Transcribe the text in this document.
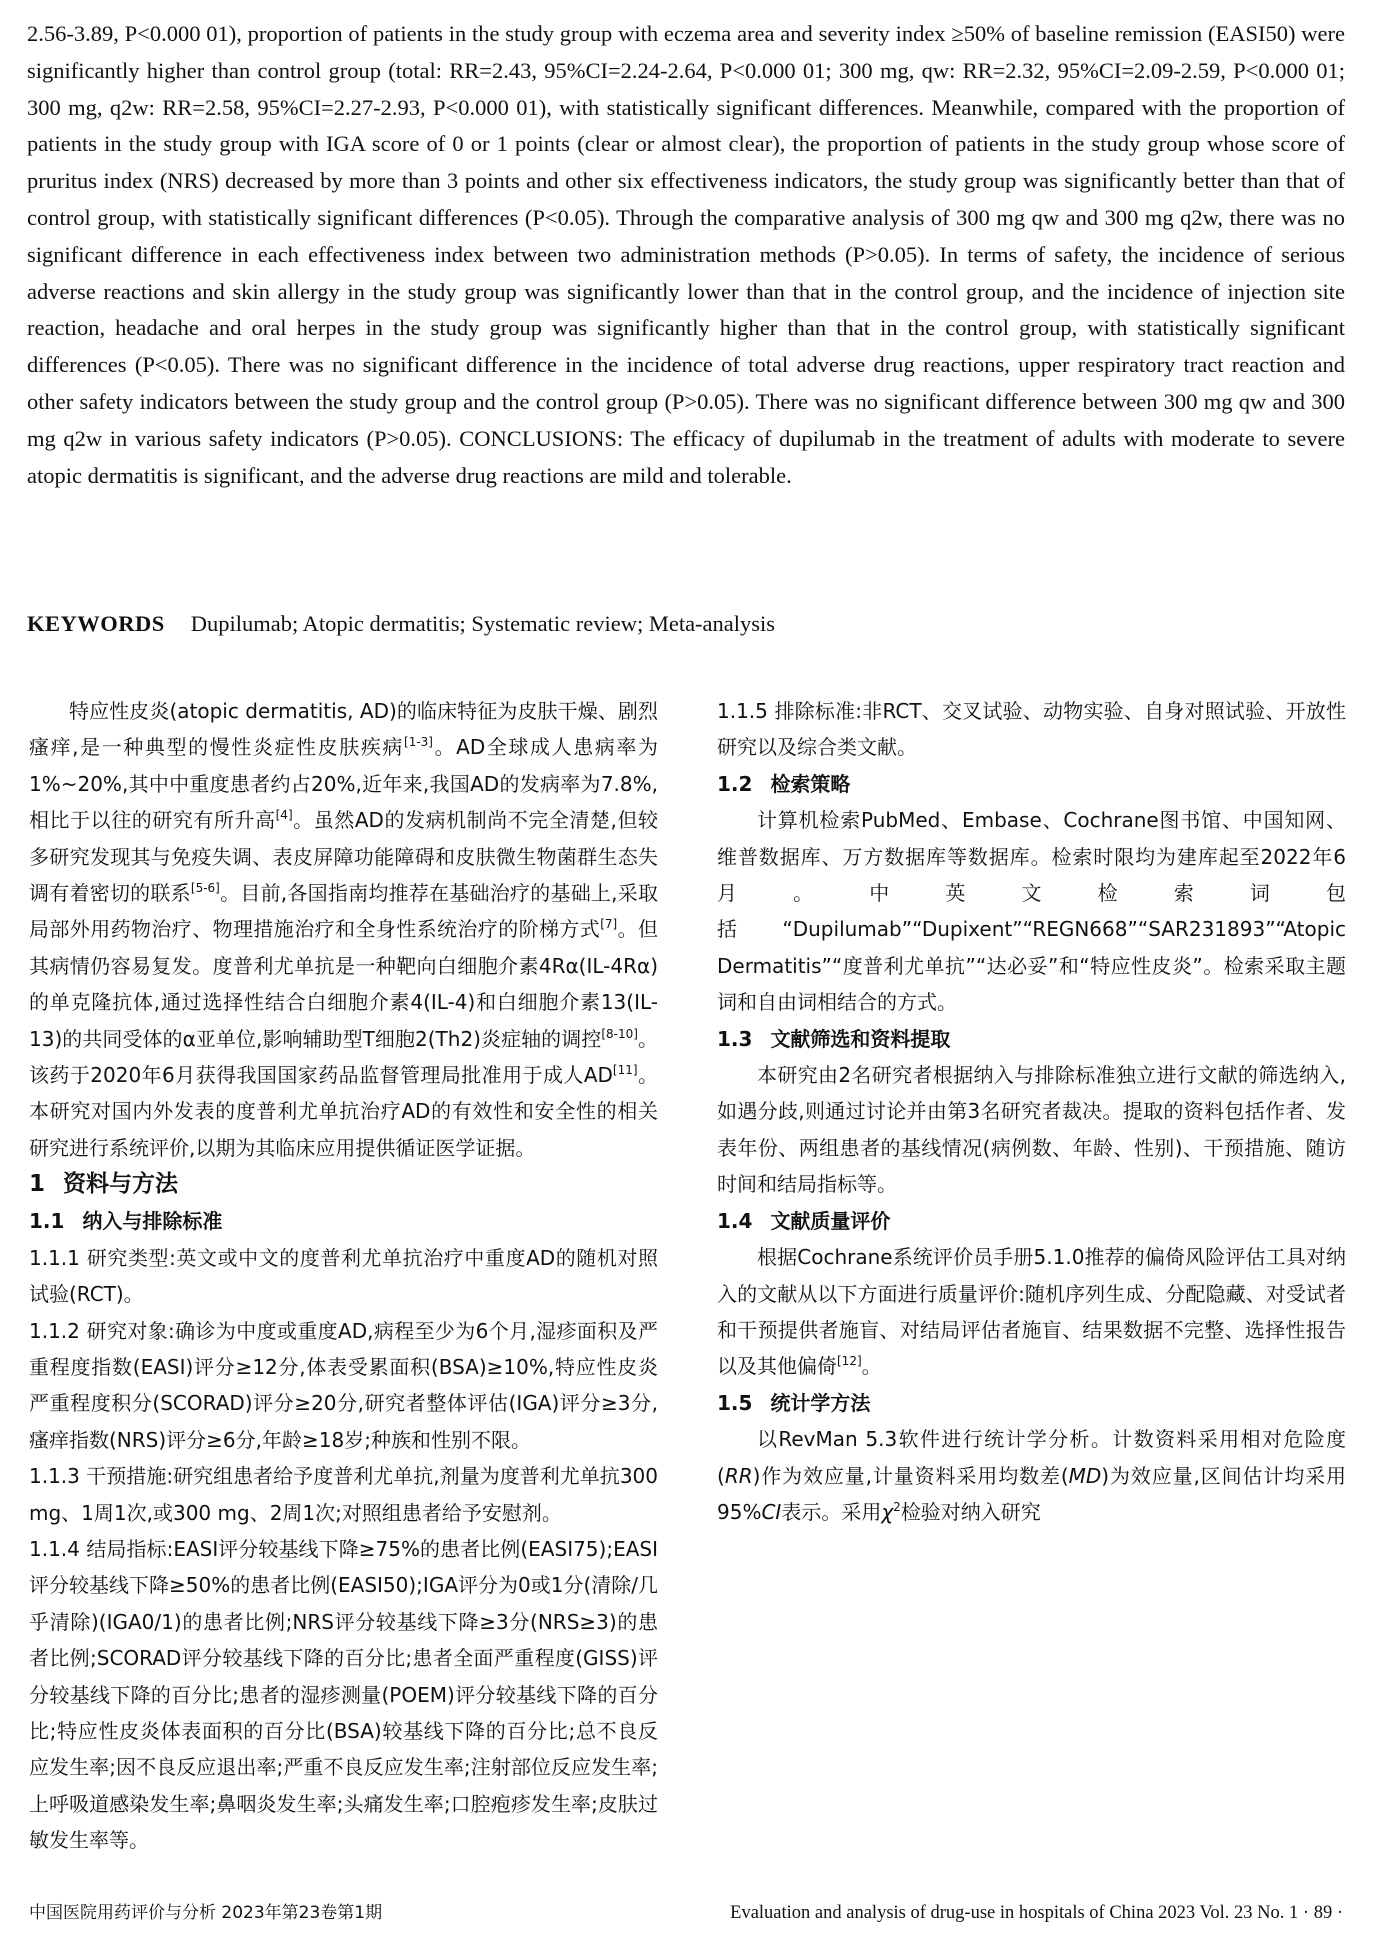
2.56-3.89, P<0.000 01), proportion of patients in the study group with eczema area and severity index ≥50% of baseline remission (EASI50) were significantly higher than control group (total: RR=2.43, 95%CI=2.24-2.64, P<0.000 01; 300 mg, qw: RR=2.32, 95%CI=2.09-2.59, P<0.000 01; 300 mg, q2w: RR=2.58, 95%CI=2.27-2.93, P<0.000 01), with statistically significant differences. Meanwhile, compared with the proportion of patients in the study group with IGA score of 0 or 1 points (clear or almost clear), the proportion of patients in the study group whose score of pruritus index (NRS) decreased by more than 3 points and other six effectiveness indicators, the study group was significantly better than that of control group, with statistically significant differences (P<0.05). Through the comparative analysis of 300 mg qw and 300 mg q2w, there was no significant difference in each effectiveness index between two administration methods (P>0.05). In terms of safety, the incidence of serious adverse reactions and skin allergy in the study group was significantly lower than that in the control group, and the incidence of injection site reaction, headache and oral herpes in the study group was significantly higher than that in the control group, with statistically significant differences (P<0.05). There was no significant difference in the incidence of total adverse drug reactions, upper respiratory tract reaction and other safety indicators between the study group and the control group (P>0.05). There was no significant difference between 300 mg qw and 300 mg q2w in various safety indicators (P>0.05). CONCLUSIONS: The efficacy of dupilumab in the treatment of adults with moderate to severe atopic dermatitis is significant, and the adverse drug reactions are mild and tolerable.

KEYWORDS Dupilumab; Atopic dermatitis; Systematic review; Meta-analysis

特应性皮炎(atopic dermatitis, AD)的临床特征为皮肤干燥、剧烈瘙痒,是一种典型的慢性炎症性皮肤疾病[1-3]。AD全球成人患病率为1%~20%,其中中重度患者约占20%,近年来,我国AD的发病率为7.8%,相比于以往的研究有所升高[4]。虽然AD的发病机制尚不完全清楚,但较多研究发现其与免疫失调、表皮屏障功能障碍和皮肤微生物菌群生态失调有着密切的联系[5-6]。目前,各国指南均推荐在基础治疗的基础上,采取局部外用药物治疗、物理措施治疗和全身性系统治疗的阶梯方式[7]。但其病情仍容易复发。度普利尤单抗是一种靶向白细胞介素4Rα(IL-4Rα)的单克隆抗体,通过选择性结合白细胞介素4(IL-4)和白细胞介素13(IL-13)的共同受体的α亚单位,影响辅助型T细胞2(Th2)炎症轴的调控[8-10]。该药于2020年6月获得我国国家药品监督管理局批准用于成人AD[11]。本研究对国内外发表的度普利尤单抗治疗AD的有效性和安全性的相关研究进行系统评价,以期为其临床应用提供循证医学证据。

1 资料与方法

1.1 纳入与排除标准

1.1.1 研究类型:英文或中文的度普利尤单抗治疗中重度AD的随机对照试验(RCT)。

1.1.2 研究对象:确诊为中度或重度AD,病程至少为6个月,湿疹面积及严重程度指数(EASI)评分≥12分,体表受累面积(BSA)≥10%,特应性皮炎严重程度积分(SCORAD)评分≥20分,研究者整体评估(IGA)评分≥3分,瘙痒指数(NRS)评分≥6分,年龄≥18岁;种族和性别不限。

1.1.3 干预措施:研究组患者给予度普利尤单抗,剂量为度普利尤单抗300 mg、1周1次,或300 mg、2周1次;对照组患者给予安慰剂。

1.1.4 结局指标:EASI评分较基线下降≥75%的患者比例(EASI75);EASI评分较基线下降≥50%的患者比例(EASI50);IGA评分为0或1分(清除/几乎清除)(IGA0/1)的患者比例;NRS评分较基线下降≥3分(NRS≥3)的患者比例;SCORAD评分较基线下降的百分比;患者全面严重程度(GISS)评分较基线下降的百分比;患者的湿疹测量(POEM)评分较基线下降的百分比;特应性皮炎体表面积的百分比(BSA)较基线下降的百分比;总不良反应发生率;因不良反应退出率;严重不良反应发生率;注射部位反应发生率;上呼吸道感染发生率;鼻咽炎发生率;头痛发生率;口腔疱疹发生率;皮肤过敏发生率等。

1.1.5 排除标准:非RCT、交叉试验、动物实验、自身对照试验、开放性研究以及综合类文献。

1.2 检索策略

计算机检索PubMed、Embase、Cochrane图书馆、中国知网、维普数据库、万方数据库等数据库。检索时限均为建库起至2022年6月。中英文检索词包括“Dupilumab”“Dupixent”“REGN668”“SAR231893”“Atopic Dermatitis”“度普利尤单抗”“达必妥”和“特应性皮炎”。检索采取主题词和自由词相结合的方式。

1.3 文献筛选和资料提取

本研究由2名研究者根据纳入与排除标准独立进行文献的筛选纳入,如遇分歧,则通过讨论并由第3名研究者裁决。提取的资料包括作者、发表年份、两组患者的基线情况(病例数、年龄、性别)、干预措施、随访时间和结局指标等。

1.4 文献质量评价

根据Cochrane系统评价员手册5.1.0推荐的偏倚风险评估工具对纳入的文献从以下方面进行质量评价:随机序列生成、分配隐藏、对受试者和干预提供者施盲、对结局评估者施盲、结果数据不完整、选择性报告以及其他偏倚[12]。

1.5 统计学方法

以RevMan 5.3软件进行统计学分析。计数资料采用相对危险度(RR)作为效应量,计量资料采用均数差(MD)为效应量,区间估计均采用95%CI表示。采用$\chi^2$检验对纳入研究

中国医院用药评价与分析 2023年第23卷第1期	Evaluation and analysis of drug-use in hospitals of China 2023 Vol. 23 No. 1 · 89 ·
